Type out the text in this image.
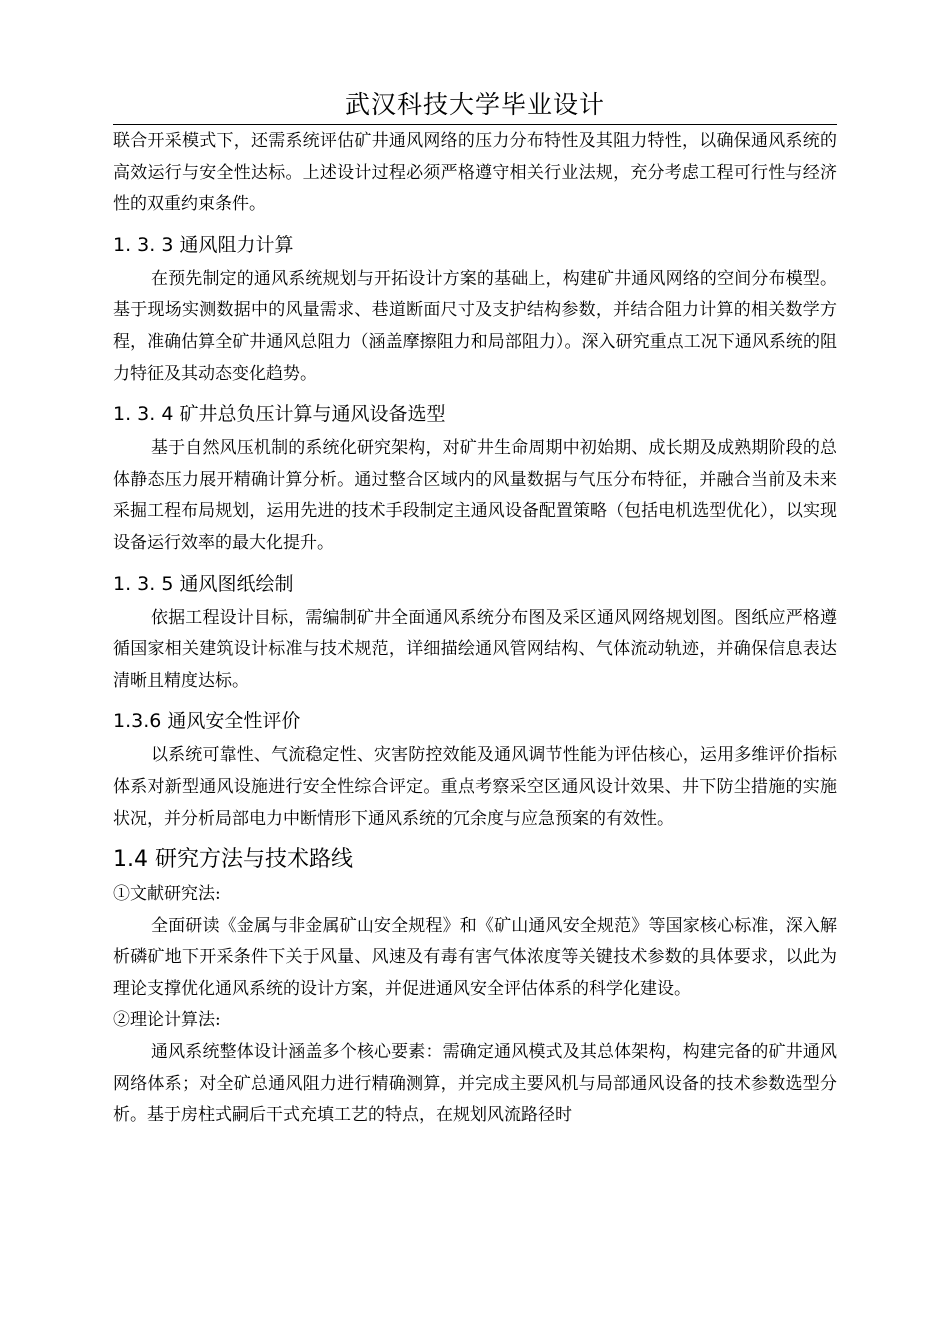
武汉科技大学毕业设计

联合开采模式下，还需系统评估矿井通风网络的压力分布特性及其阻力特性，以确保通风系统的高效运行与安全性达标。上述设计过程必须严格遵守相关行业法规，充分考虑工程可行性与经济性的双重约束条件。

1. 3. 3 通风阻力计算

在预先制定的通风系统规划与开拓设计方案的基础上，构建矿井通风网络的空间分布模型。基于现场实测数据中的风量需求、巷道断面尺寸及支护结构参数，并结合阻力计算的相关数学方程，准确估算全矿井通风总阻力（涵盖摩擦阻力和局部阻力）。深入研究重点工况下通风系统的阻力特征及其动态变化趋势。

1. 3. 4 矿井总负压计算与通风设备选型

基于自然风压机制的系统化研究架构，对矿井生命周期中初始期、成长期及成熟期阶段的总体静态压力展开精确计算分析。通过整合区域内的风量数据与气压分布特征，并融合当前及未来采掘工程布局规划，运用先进的技术手段制定主通风设备配置策略（包括电机选型优化），以实现设备运行效率的最大化提升。

1. 3. 5 通风图纸绘制

依据工程设计目标，需编制矿井全面通风系统分布图及采区通风网络规划图。图纸应严格遵循国家相关建筑设计标准与技术规范，详细描绘通风管网结构、气体流动轨迹，并确保信息表达清晰且精度达标。

1.3.6 通风安全性评价

以系统可靠性、气流稳定性、灾害防控效能及通风调节性能为评估核心，运用多维评价指标体系对新型通风设施进行安全性综合评定。重点考察采空区通风设计效果、井下防尘措施的实施状况，并分析局部电力中断情形下通风系统的冗余度与应急预案的有效性。

1.4 研究方法与技术路线

①文献研究法:

全面研读《金属与非金属矿山安全规程》和《矿山通风安全规范》等国家核心标准，深入解析磷矿地下开采条件下关于风量、风速及有毒有害气体浓度等关键技术参数的具体要求，以此为理论支撑优化通风系统的设计方案，并促进通风安全评估体系的科学化建设。

②理论计算法:

通风系统整体设计涵盖多个核心要素：需确定通风模式及其总体架构，构建完备的矿井通风网络体系；对全矿总通风阻力进行精确测算，并完成主要风机与局部通风设备的技术参数选型分析。基于房柱式嗣后干式充填工艺的特点，在规划风流路径时
